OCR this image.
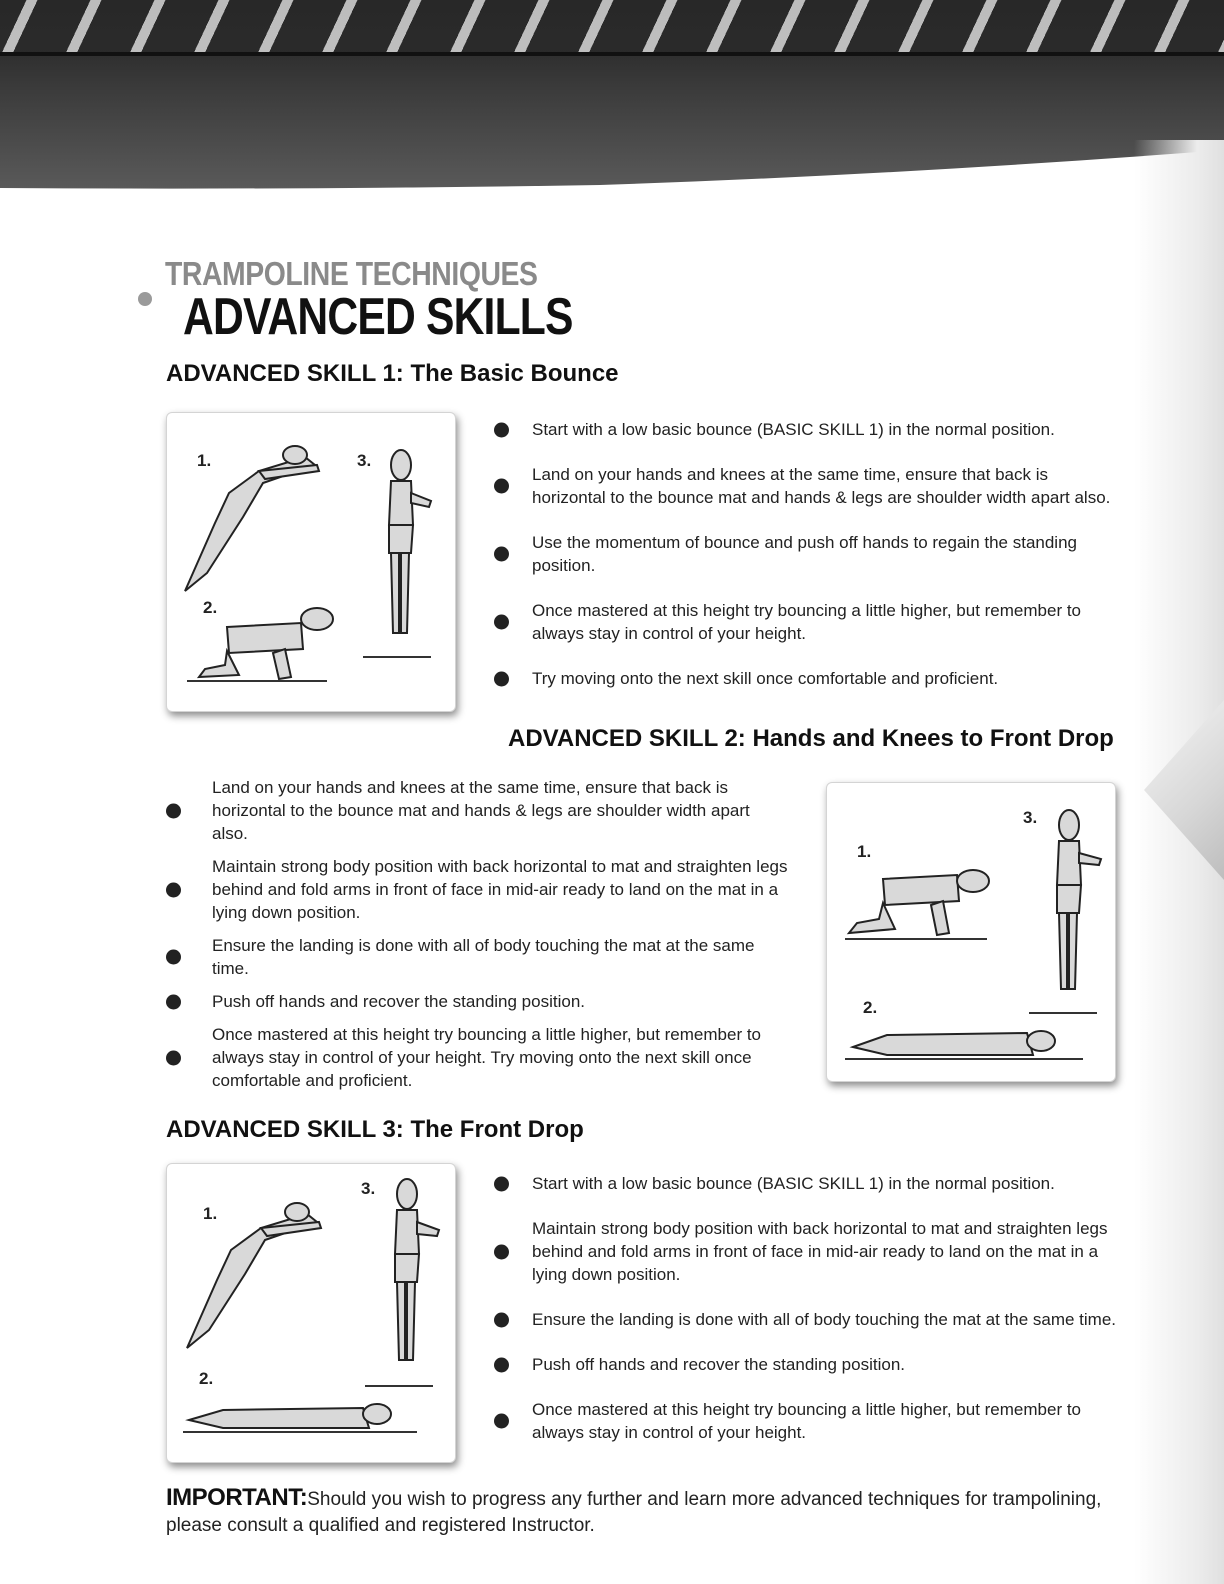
TRAMPOLINE TECHNIQUES
ADVANCED SKILLS
ADVANCED SKILL 1: The Basic Bounce
1.	3.
2.
Start with a low basic bounce (BASIC SKILL 1) in the normal position.
Land on your hands and knees at the same time, ensure that back is horizontal to the bounce mat and hands & legs are shoulder width apart also.
Use the momentum of bounce and push off hands to regain the standing position.
Once mastered at this height try bouncing a little higher, but remember to always stay in control of your height.
Try moving onto the next skill once comfortable and proficient.
ADVANCED SKILL 2: Hands and Knees to Front Drop
Land on your hands and knees at the same time, ensure that back is horizontal to the bounce mat and hands & legs are shoulder width apart also.
Maintain strong body position with back horizontal to mat and straighten legs behind and fold arms in front of face in mid-air ready to land on the mat in a lying down position.
Ensure the landing is done with all of body touching the mat at the same time.
Push off hands and recover the standing position.
Once mastered at this height try bouncing a little higher, but remember to always stay in control of your height. Try moving onto the next skill once comfortable and proficient.
1.
3.
2.
ADVANCED SKILL 3: The Front Drop
1.
3.
2.
Start with a low basic bounce (BASIC SKILL 1) in the normal position.
Maintain strong body position with back horizontal to mat and straighten legs behind and fold arms in front of face in mid-air ready to land on the mat in a lying down position.
Ensure the landing is done with all of body touching the mat at the same time.
Push off hands and recover the standing position.
Once mastered at this height try bouncing a little higher, but remember to always stay in control of your height.
IMPORTANT:Should you wish to progress any further and learn more advanced techniques for trampolining, please consult a qualified and registered Instructor.
